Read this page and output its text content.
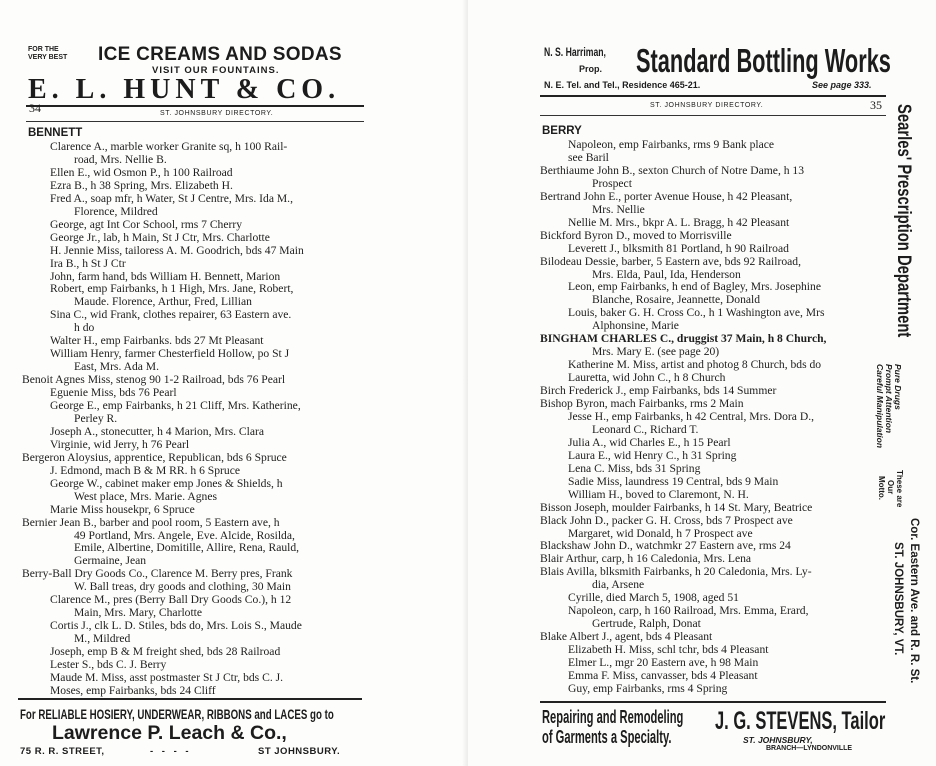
FOR THE
VERY BEST ICE CREAMS AND SODAS
VISIT OUR FOUNTAINS.
E. L. HUNT & CO.
34	ST. JOHNSBURY DIRECTORY.
BENNETT
Clarence A., marble worker Granite sq, h 100 Rail-
road, Mrs. Nellie B.
Ellen E., wid Osmon P., h 100 Railroad
Ezra B., h 38 Spring, Mrs. Elizabeth H.
Fred A., soap mfr, h Water, St J Centre, Mrs. Ida M.,
Florence, Mildred
George, agt Int Cor School, rms 7 Cherry
George Jr., lab, h Main, St J Ctr, Mrs. Charlotte
H. Jennie Miss, tailoress A. M. Goodrich, bds 47 Main
Ira B., h St J Ctr
John, farm hand, bds William H. Bennett, Marion
Robert, emp Fairbanks, h 1 High, Mrs. Jane, Robert,
Maude. Florence, Arthur, Fred, Lillian
Sina C., wid Frank, clothes repairer, 63 Eastern ave.
h do
Walter H., emp Fairbanks. bds 27 Mt Pleasant
William Henry, farmer Chesterfield Hollow, po St J
East, Mrs. Ada M.
Benoit Agnes Miss, stenog 90 1-2 Railroad, bds 76 Pearl
Eguenie Miss, bds 76 Pearl
George E., emp Fairbanks, h 21 Cliff, Mrs. Katherine,
Perley R.
Joseph A., stonecutter, h 4 Marion, Mrs. Clara
Virginie, wid Jerry, h 76 Pearl
Bergeron Aloysius, apprentice, Republican, bds 6 Spruce
J. Edmond, mach B & M RR. h 6 Spruce
George W., cabinet maker emp Jones & Shields, h
West place, Mrs. Marie. Agnes
Marie Miss housekpr, 6 Spruce
Bernier Jean B., barber and pool room, 5 Eastern ave, h
49 Portland, Mrs. Angele, Eve. Alcide, Rosilda,
Emile, Albertine, Domitille, Allire, Rena, Rauld,
Germaine, Jean
Berry-Ball Dry Goods Co., Clarence M. Berry pres, Frank
W. Ball treas, dry goods and clothing, 30 Main
Clarence M., pres (Berry Ball Dry Goods Co.), h 12
Main, Mrs. Mary, Charlotte
Cortis J., clk L. D. Stiles, bds do, Mrs. Lois S., Maude
M., Mildred
Joseph, emp B & M freight shed, bds 28 Railroad
Lester S., bds C. J. Berry
Maude M. Miss, asst postmaster St J Ctr, bds C. J.
Moses, emp Fairbanks, bds 24 Cliff
For RELIABLE HOSIERY, UNDERWEAR, RIBBONS and LACES go to
Lawrence P. Leach & Co.,
75 R. R. STREET,	- - - -	ST JOHNSBURY.
N. S. Harriman,
Prop. Standard Bottling Works
N. E. Tel. and Tel., Residence 465-21.	See page 333.
ST. JOHNSBURY DIRECTORY.	35
BERRY
Napoleon, emp Fairbanks, rms 9 Bank place
see Baril
Berthiaume John B., sexton Church of Notre Dame, h 13
Prospect
Bertrand John E., porter Avenue House, h 42 Pleasant,
Mrs. Nellie
Nellie M. Mrs., bkpr A. L. Bragg, h 42 Pleasant
Bickford Byron D., moved to Morrisville
Leverett J., blksmith 81 Portland, h 90 Railroad
Bilodeau Dessie, barber, 5 Eastern ave, bds 92 Railroad,
Mrs. Elda, Paul, Ida, Henderson
Leon, emp Fairbanks, h end of Bagley, Mrs. Josephine
Blanche, Rosaire, Jeannette, Donald
Louis, baker G. H. Cross Co., h 1 Washington ave, Mrs
Alphonsine, Marie
BINGHAM CHARLES C., druggist 37 Main, h 8 Church,
Mrs. Mary E. (see page 20)
Katherine M. Miss, artist and photog 8 Church, bds do
Lauretta, wid John C., h 8 Church
Birch Frederick J., emp Fairbanks, bds 14 Summer
Bishop Byron, mach Fairbanks, rms 2 Main
Jesse H., emp Fairbanks, h 42 Central, Mrs. Dora D.,
Leonard C., Richard T.
Julia A., wid Charles E., h 15 Pearl
Laura E., wid Henry C., h 31 Spring
Lena C. Miss, bds 31 Spring
Sadie Miss, laundress 19 Central, bds 9 Main
William H., boved to Claremont, N. H.
Bisson Joseph, moulder Fairbanks, h 14 St. Mary, Beatrice
Black John D., packer G. H. Cross, bds 7 Prospect ave
Margaret, wid Donald, h 7 Prospect ave
Blackshaw John D., watchmkr 27 Eastern ave, rms 24
Blair Arthur, carp, h 16 Caledonia, Mrs. Lena
Blais Avilla, blksmith Fairbanks, h 20 Caledonia, Mrs. Ly-
dia, Arsene
Cyrille, died March 5, 1908, aged 51
Napoleon, carp, h 160 Railroad, Mrs. Emma, Erard,
Gertrude, Ralph, Donat
Blake Albert J., agent, bds 4 Pleasant
Elizabeth H. Miss, schl tchr, bds 4 Pleasant
Elmer L., mgr 20 Eastern ave, h 98 Main
Emma F. Miss, canvasser, bds 4 Pleasant
Guy, emp Fairbanks, rms 4 Spring
Searles' Prescription Department
Pure Drugs
Prompt Attention
Careful Manipulation
These are
Our
Motto.
Cor. Eastern Ave. and R. R. St.
ST. JOHNSBURY, VT.
Repairing and Remodeling
of Garments a Specialty.
J. G. STEVENS, Tailor
ST. JOHNSBURY,
BRANCH—LYNDONVILLE
